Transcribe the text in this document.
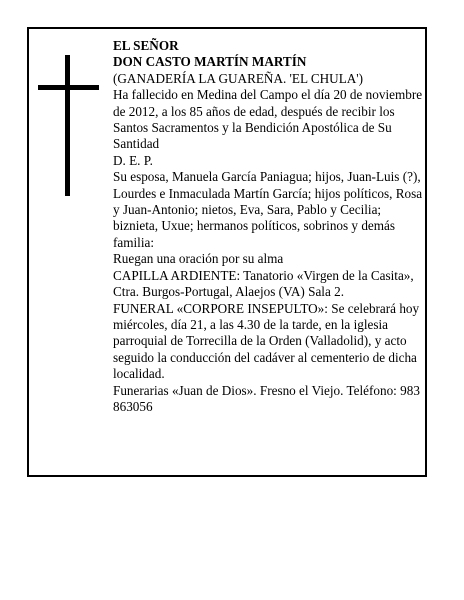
EL SEÑOR
DON CASTO MARTÍN MARTÍN
(GANADERÍA LA GUAREÑA. 'EL CHULA')
Ha fallecido en Medina del Campo el día 20 de noviembre de 2012, a los 85 años de edad, después de recibir los Santos Sacramentos y la Bendición Apostólica de Su Santidad
D. E. P.
Su esposa, Manuela García Paniagua; hijos, Juan-Luis (?), Lourdes e Inmaculada Martín García; hijos políticos, Rosa y Juan-Antonio; nietos, Eva, Sara, Pablo y Cecilia; biznieta, Uxue; hermanos políticos, sobrinos y demás familia:
Ruegan una oración por su alma
CAPILLA ARDIENTE: Tanatorio «Virgen de la Casita», Ctra. Burgos-Portugal, Alaejos (VA) Sala 2.
FUNERAL «CORPORE INSEPULTO»: Se celebrará hoy miércoles, día 21, a las 4.30 de la tarde, en la iglesia parroquial de Torrecilla de la Orden (Valladolid), y acto seguido la conducción del cadáver al cementerio de dicha localidad.
Funerarias «Juan de Dios». Fresno el Viejo. Teléfono: 983 863056
